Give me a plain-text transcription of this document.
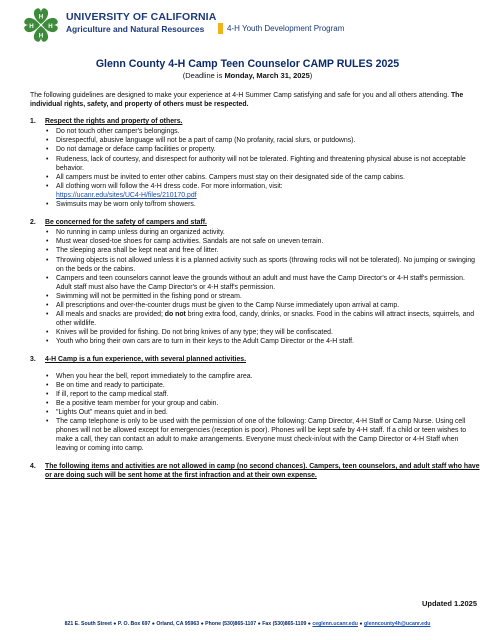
H
H
H H
UNIVERSITY OF CALIFORNIA
Agriculture and Natural Resources	4-H Youth Development Program
Glenn County 4-H Camp Teen Counselor CAMP RULES 2025
(Deadline is Monday, March 31, 2025)

The following guidelines are designed to make your experience at 4-H Summer Camp satisfying and safe for you and all others attending. The individual rights, safety, and property of others must be respected.

1.	Respect the rights and property of others.
• Do not touch other camper's belongings.
• Disrespectful, abusive language will not be a part of camp (No profanity, racial slurs, or putdowns).
• Do not damage or deface camp facilities or property.
• Rudeness, lack of courtesy, and disrespect for authority will not be tolerated. Fighting and threatening physical abuse is not acceptable behavior.
• All campers must be invited to enter other cabins. Campers must stay on their designated side of the camp cabins.
• All clothing worn will follow the 4-H dress code. For more information, visit:
https://ucanr.edu/sites/UC4-H/files/210170.pdf
• Swimsuits may be worn only to/from showers.
2.	Be concerned for the safety of campers and staff.
• No running in camp unless during an organized activity.
• Must wear closed-toe shoes for camp activities. Sandals are not safe on uneven terrain.
• The sleeping area shall be kept neat and free of litter.
• Throwing objects is not allowed unless it is a planned activity such as sports (throwing rocks will not be tolerated). No jumping or swinging on the beds or the cabins.
• Campers and teen counselors cannot leave the grounds without an adult and must have the Camp Director's or 4-H staff's permission. Adult staff must also have the Camp Director's or 4-H staff's permission.
• Swimming will not be permitted in the fishing pond or stream.
• All prescriptions and over-the-counter drugs must be given to the Camp Nurse immediately upon arrival at camp.
• All meals and snacks are provided; do not bring extra food, candy, drinks, or snacks. Food in the cabins will attract insects, squirrels, and other wildlife.
• Knives will be provided for fishing. Do not bring knives of any type; they will be confiscated.
• Youth who bring their own cars are to turn in their keys to the Adult Camp Director or the 4-H staff.
3.	4-H Camp is a fun experience, with several planned activities.
• When you hear the bell, report immediately to the campfire area.
• Be on time and ready to participate.
• If ill, report to the camp medical staff.
• Be a positive team member for your group and cabin.
• "Lights Out" means quiet and in bed.
• The camp telephone is only to be used with the permission of one of the following: Camp Director, 4-H Staff or Camp Nurse. Using cell phones will not be allowed except for emergencies (reception is poor). Phones will be kept safe by 4-H staff. If a child or teen wishes to make a call, they can contact an adult to make arrangements. Everyone must check-in/out with the Camp Director or 4-H Staff when leaving or coming into camp.
4.	The following items and activities are not allowed in camp (no second chances). Campers, teen counselors, and adult staff who have or are doing such will be sent home at the first infraction and at their own expense.
Updated 1.2025
821 E. South Street ● P. O. Box 697 ● Orland, CA 95963 ● Phone (530)865-1107 ● Fax (530)865-1109 ● ceglenn.ucanr.edu ● glenncounty4h@ucanr.edu
